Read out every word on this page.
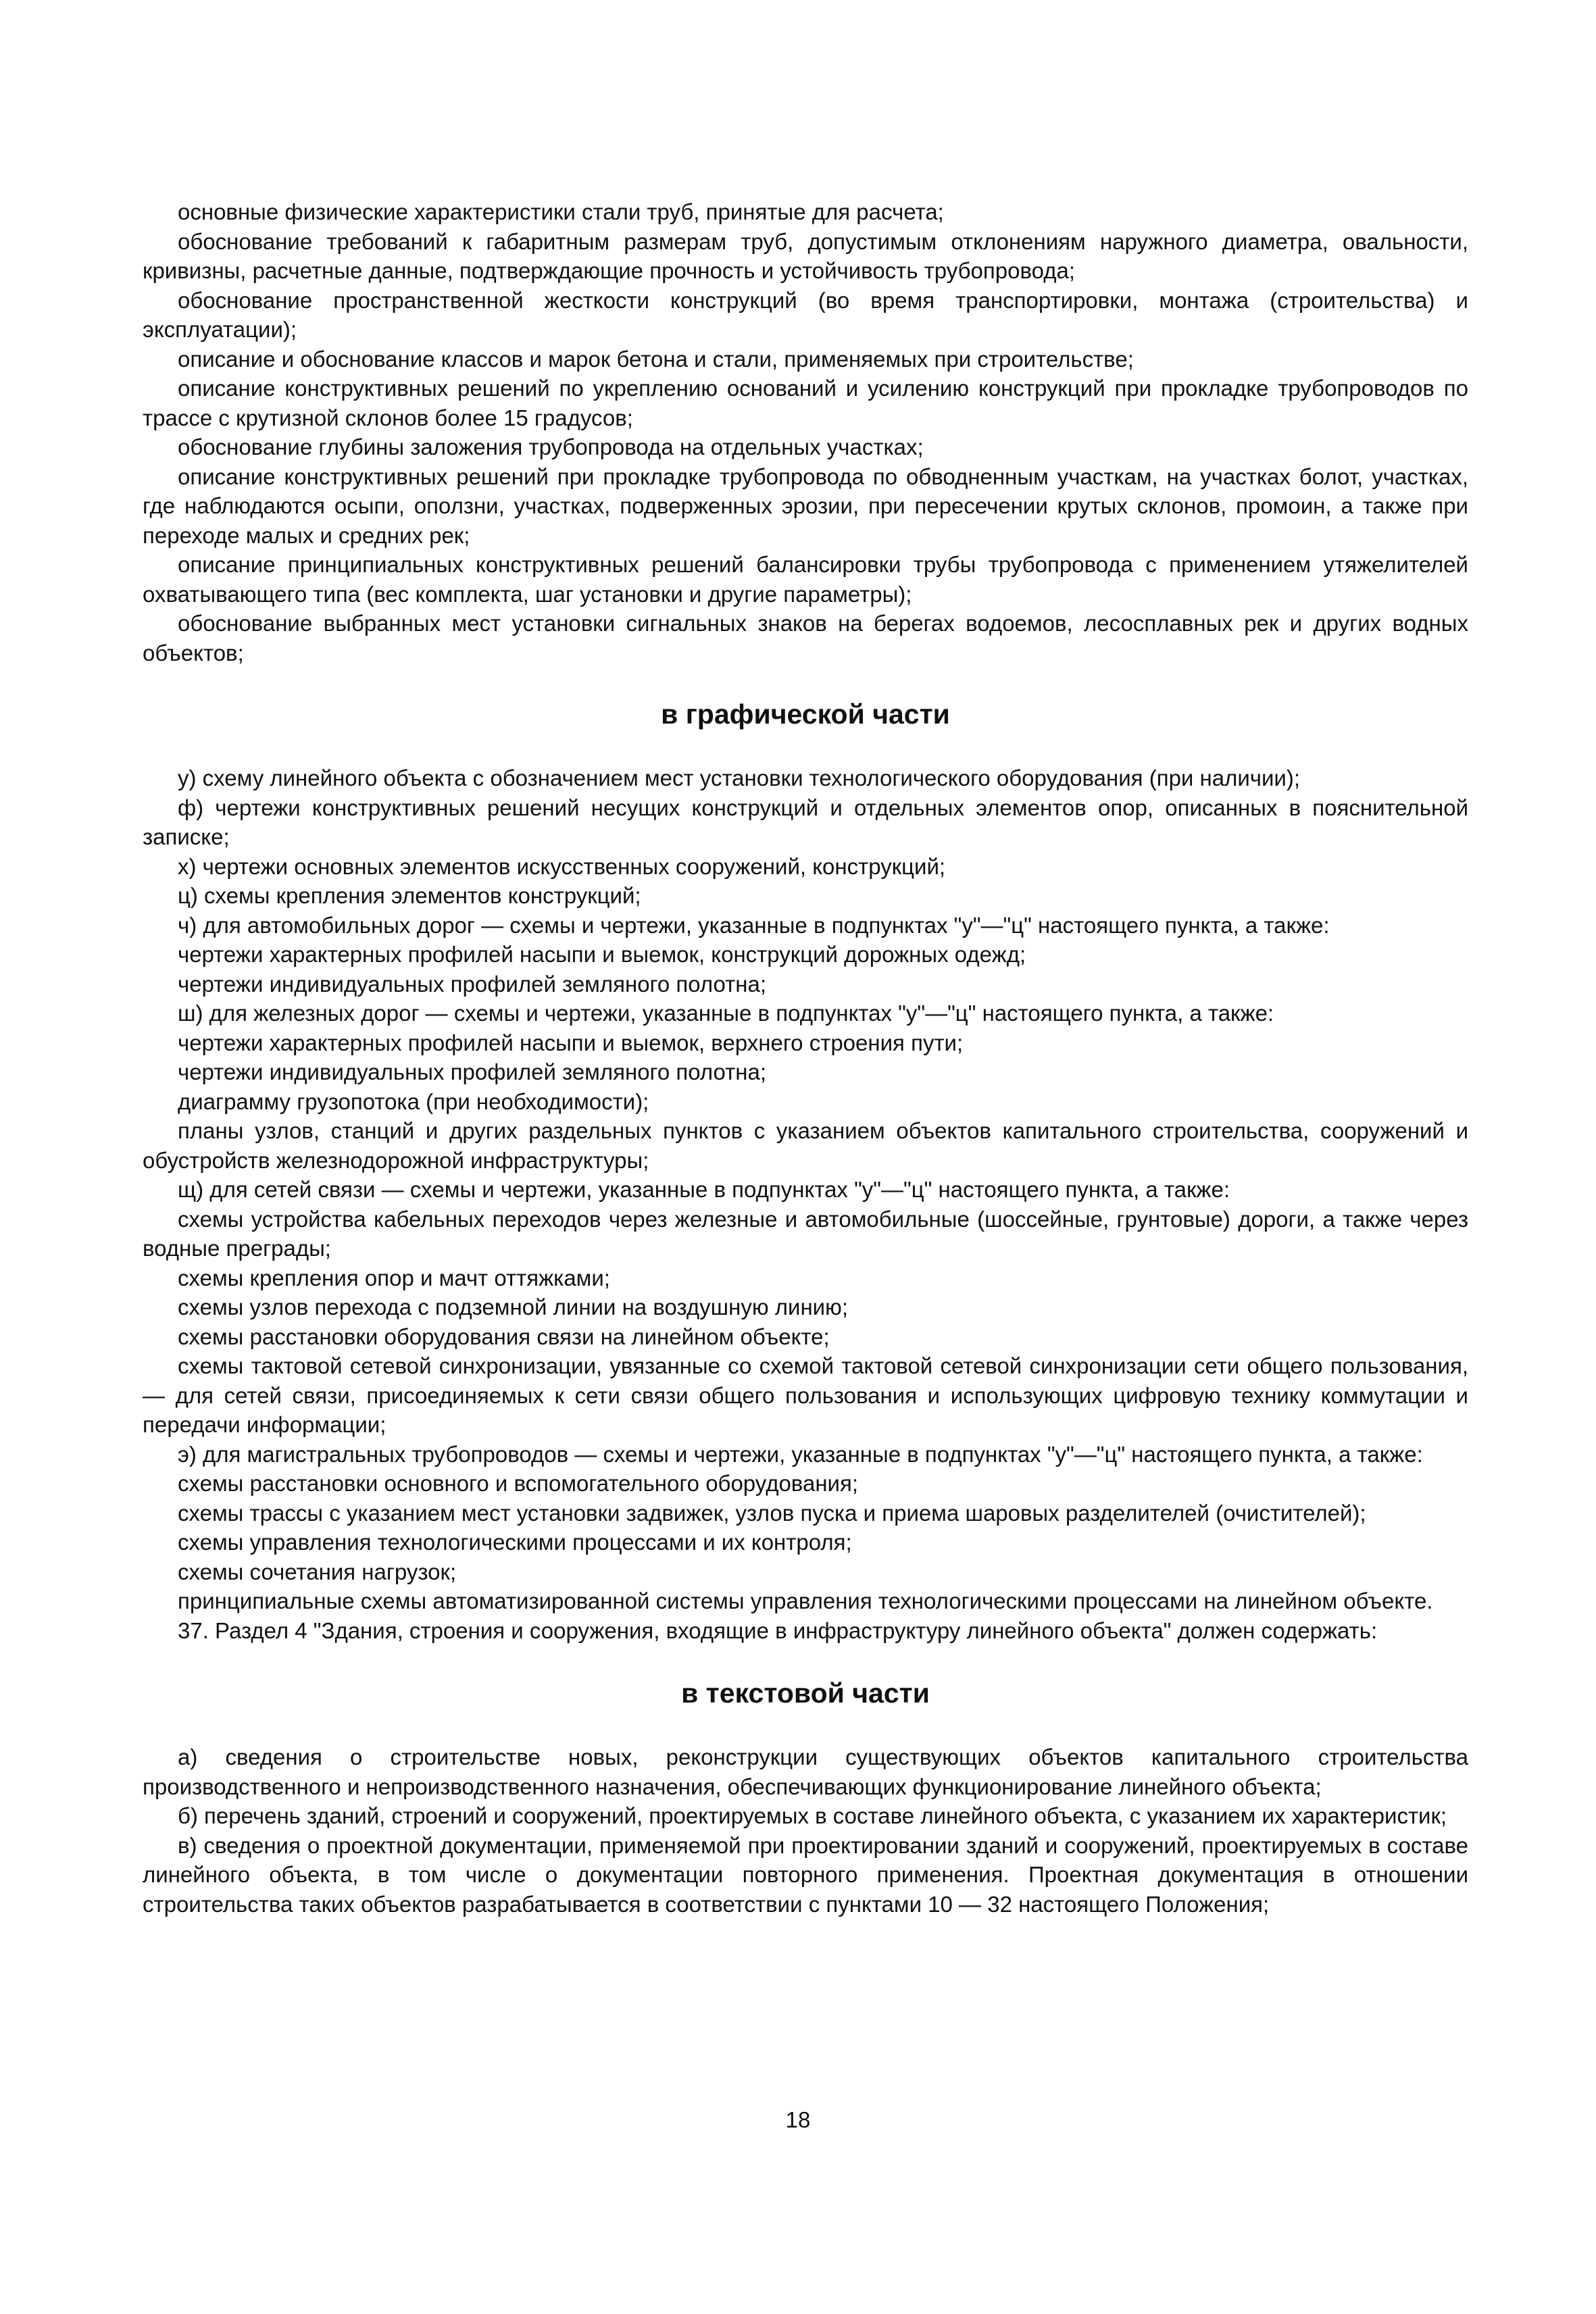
основные физические характеристики стали труб, принятые для расчета;

обоснование требований к габаритным размерам труб, допустимым отклонениям наружного диаметра, овальности, кривизны, расчетные данные, подтверждающие прочность и устойчивость трубопровода;

обоснование пространственной жесткости конструкций (во время транспортировки, монтажа (строительства) и эксплуатации);

описание и обоснование классов и марок бетона и стали, применяемых при строительстве;

описание конструктивных решений по укреплению оснований и усилению конструкций при прокладке трубопроводов по трассе с крутизной склонов более 15 градусов;

обоснование глубины заложения трубопровода на отдельных участках;

описание конструктивных решений при прокладке трубопровода по обводненным участкам, на участках болот, участках, где наблюдаются осыпи, оползни, участках, подверженных эрозии, при пересечении крутых склонов, промоин, а также при переходе малых и средних рек;

описание принципиальных конструктивных решений балансировки трубы трубопровода с применением утяжелителей охватывающего типа (вес комплекта, шаг установки и другие параметры);

обоснование выбранных мест установки сигнальных знаков на берегах водоемов, лесосплавных рек и других водных объектов;

в графической части

у) схему линейного объекта с обозначением мест установки технологического оборудования (при наличии);

ф) чертежи конструктивных решений несущих конструкций и отдельных элементов опор, описанных в пояснительной записке;

х) чертежи основных элементов искусственных сооружений, конструкций;

ц) схемы крепления элементов конструкций;

ч) для автомобильных дорог — схемы и чертежи, указанные в подпунктах "у"—"ц" настоящего пункта, а также:

чертежи характерных профилей насыпи и выемок, конструкций дорожных одежд;

чертежи индивидуальных профилей земляного полотна;

ш) для железных дорог — схемы и чертежи, указанные в подпунктах "у"—"ц" настоящего пункта, а также:

чертежи характерных профилей насыпи и выемок, верхнего строения пути;

чертежи индивидуальных профилей земляного полотна;

диаграмму грузопотока (при необходимости);

планы узлов, станций и других раздельных пунктов с указанием объектов капитального строительства, сооружений и обустройств железнодорожной инфраструктуры;

щ) для сетей связи — схемы и чертежи, указанные в подпунктах "у"—"ц" настоящего пункта, а также:

схемы устройства кабельных переходов через железные и автомобильные (шоссейные, грунтовые) дороги, а также через водные преграды;

схемы крепления опор и мачт оттяжками;

схемы узлов перехода с подземной линии на воздушную линию;

схемы расстановки оборудования связи на линейном объекте;

схемы тактовой сетевой синхронизации, увязанные со схемой тактовой сетевой синхронизации сети общего пользования, — для сетей связи, присоединяемых к сети связи общего пользования и использующих цифровую технику коммутации и передачи информации;

э) для магистральных трубопроводов — схемы и чертежи, указанные в подпунктах "у"—"ц" настоящего пункта, а также:

схемы расстановки основного и вспомогательного оборудования;

схемы трассы с указанием мест установки задвижек, узлов пуска и приема шаровых разделителей (очистителей);

схемы управления технологическими процессами и их контроля;

схемы сочетания нагрузок;

принципиальные схемы автоматизированной системы управления технологическими процессами на линейном объекте.

37. Раздел 4 "Здания, строения и сооружения, входящие в инфраструктуру линейного объекта" должен содержать:

в текстовой части

а) сведения о строительстве новых, реконструкции существующих объектов капитального строительства производственного и непроизводственного назначения, обеспечивающих функционирование линейного объекта;

б) перечень зданий, строений и сооружений, проектируемых в составе линейного объекта, с указанием их характеристик;

в) сведения о проектной документации, применяемой при проектировании зданий и сооружений, проектируемых в составе линейного объекта, в том числе о документации повторного применения. Проектная документация в отношении строительства таких объектов разрабатывается в соответствии с пунктами 10 — 32 настоящего Положения;

18
